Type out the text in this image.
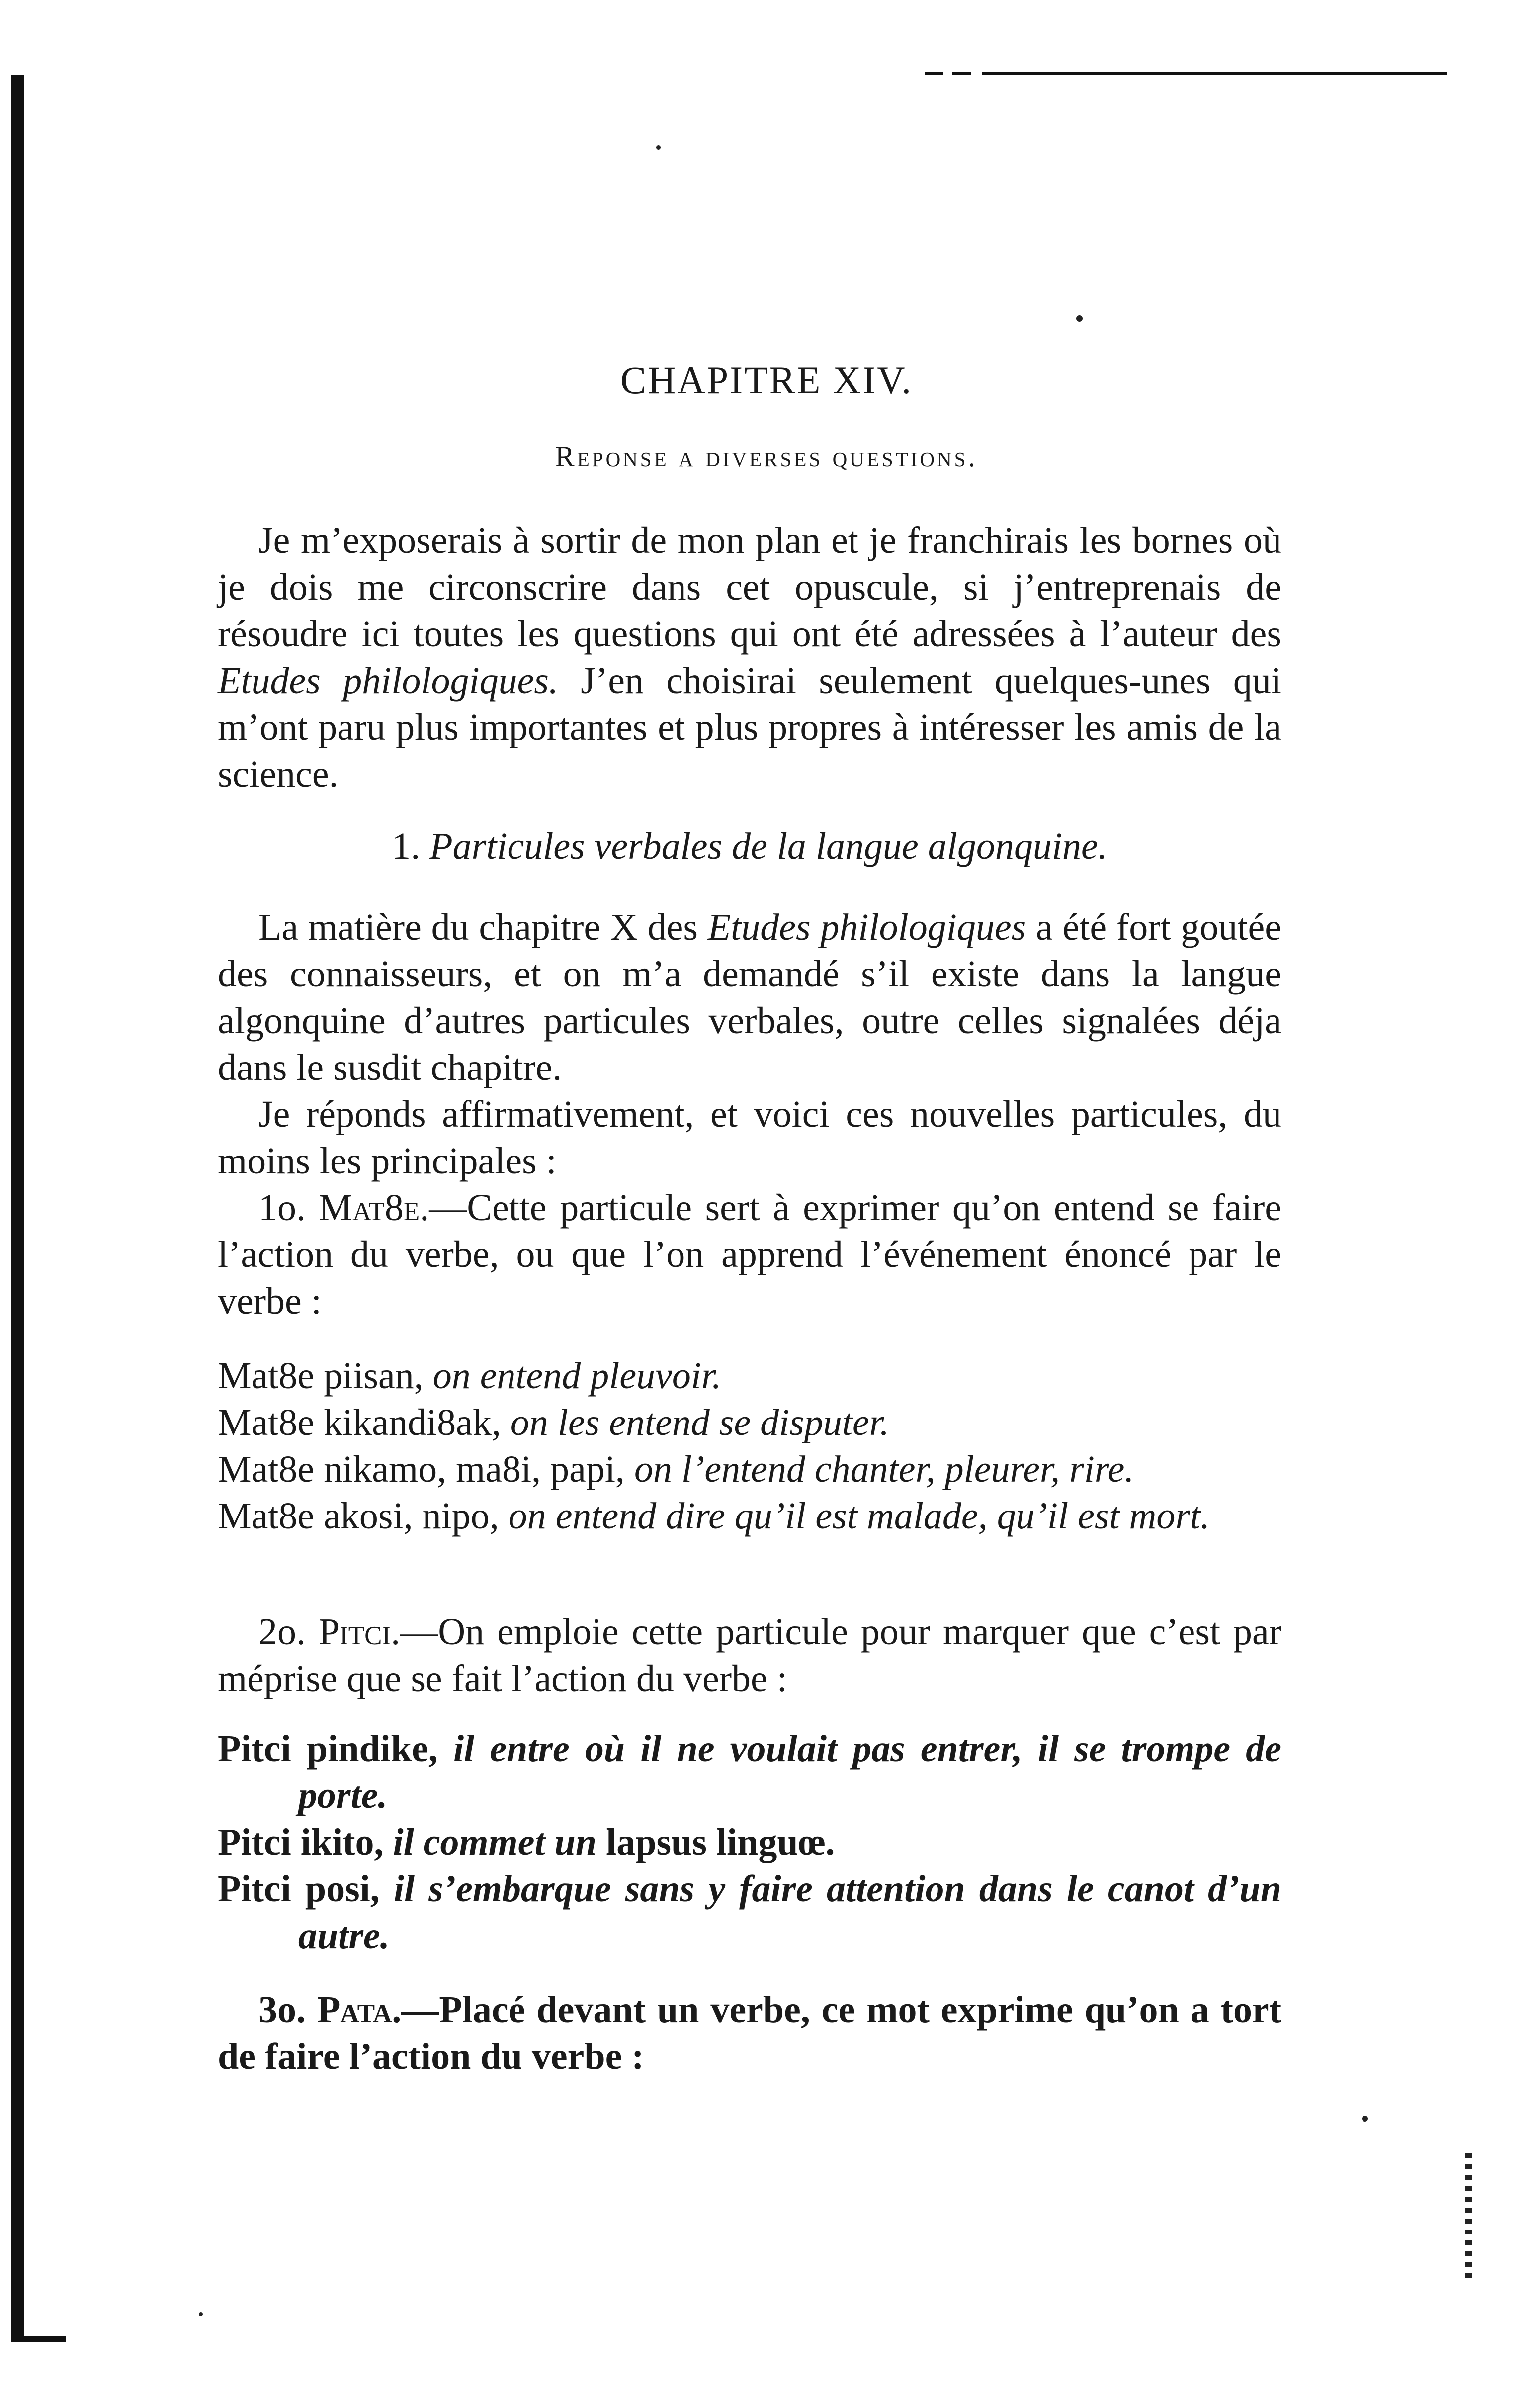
CHAPITRE XIV.
Reponse a diverses questions.

Je m’exposerais à sortir de mon plan et je franchirais les bornes où je dois me circonscrire dans cet opuscule, si j’entreprenais de résoudre ici toutes les questions qui ont été adressées à l’auteur des Etudes philologiques. J’en choisirai seulement quelques-unes qui m’ont paru plus importantes et plus propres à intéresser les amis de la science.

1. Particules verbales de la langue algonquine.

La matière du chapitre X des Etudes philologiques a été fort goutée des connaisseurs, et on m’a demandé s’il existe dans la langue algonquine d’autres particules verbales, outre celles signalées déja dans le susdit chapitre.

Je réponds affirmativement, et voici ces nouvelles particules, du moins les principales :

1o. Mat8e.—Cette particule sert à exprimer qu’on entend se faire l’action du verbe, ou que l’on apprend l’événement énoncé par le verbe :

Mat8e piisan, on entend pleuvoir.

Mat8e kikandi8ak, on les entend se disputer.

Mat8e nikamo, ma8i, papi, on l’entend chanter, pleurer, rire.

Mat8e akosi, nipo, on entend dire qu’il est malade, qu’il est mort.

2o. Pitci.—On emploie cette particule pour marquer que c’est par méprise que se fait l’action du verbe :

Pitci pindike, il entre où il ne voulait pas entrer, il se trompe de porte.

Pitci ikito, il commet un lapsus linguœ.

Pitci posi, il s’embarque sans y faire attention dans le canot d’un autre.

3o. Pata.—Placé devant un verbe, ce mot exprime qu’on a tort de faire l’action du verbe :
